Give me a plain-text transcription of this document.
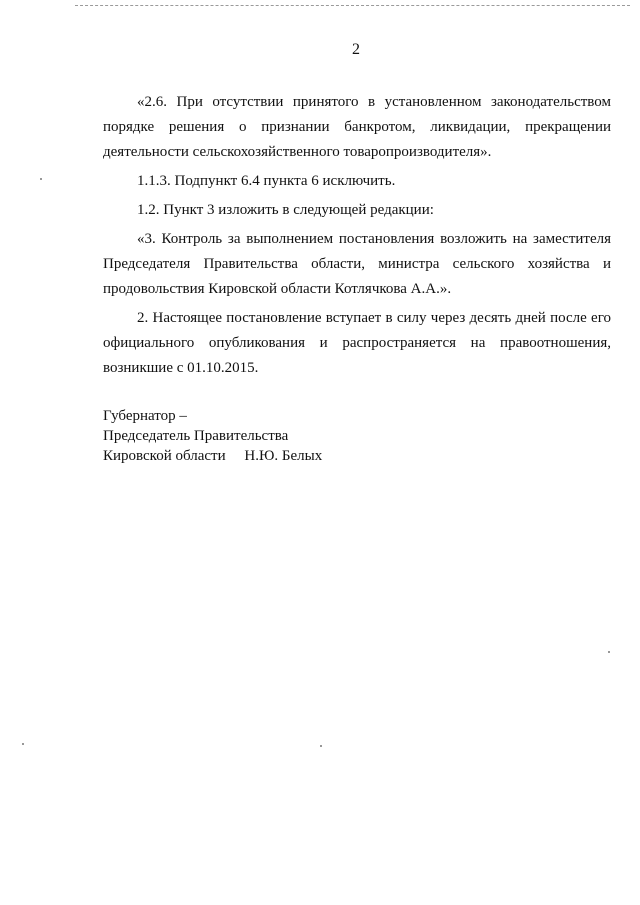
2

«2.6. При отсутствии принятого в установленном законодательством порядке решения о признании банкротом, ликвидации, прекращении деятельности сельскохозяйственного товаропроизводителя».

1.1.3. Подпункт 6.4 пункта 6 исключить.

1.2. Пункт 3 изложить в следующей редакции:

«3. Контроль за выполнением постановления возложить на заместителя Председателя Правительства области, министра сельского хозяйства и продовольствия Кировской области Котлячкова А.А.».

2. Настоящее постановление вступает в силу через десять дней после его официального опубликования и распространяется на правоотношения, возникшие с 01.10.2015.

Губернатор –
Председатель Правительства
Кировской области     Н.Ю. Белых
